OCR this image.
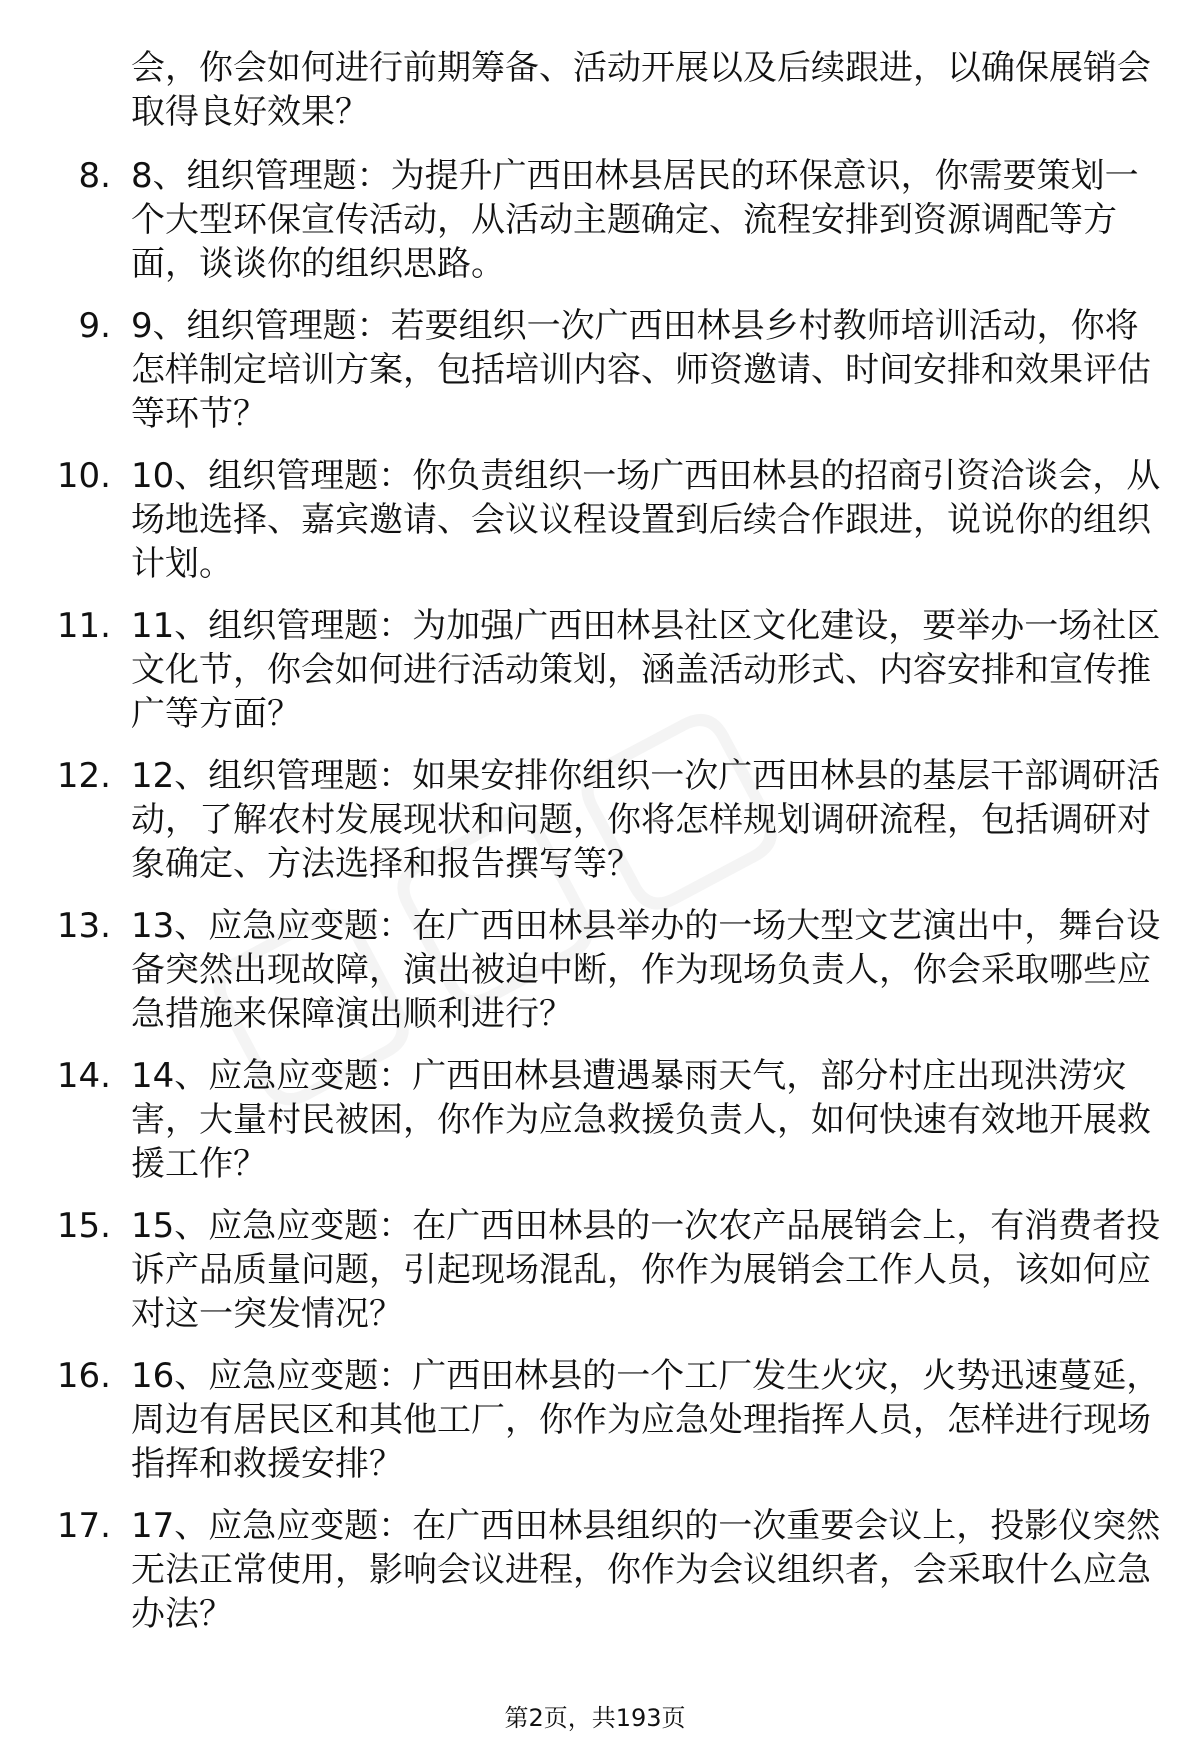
会，你会如何进行前期筹备、活动开展以及后续跟进，以确保展销会取得良好效果？

8. 8、组织管理题：为提升广西田林县居民的环保意识，你需要策划一个大型环保宣传活动，从活动主题确定、流程安排到资源调配等方面，谈谈你的组织思路。
9. 9、组织管理题：若要组织一次广西田林县乡村教师培训活动，你将怎样制定培训方案，包括培训内容、师资邀请、时间安排和效果评估等环节？
10. 10、组织管理题：你负责组织一场广西田林县的招商引资洽谈会，从场地选择、嘉宾邀请、会议议程设置到后续合作跟进，说说你的组织计划。
11. 11、组织管理题：为加强广西田林县社区文化建设，要举办一场社区文化节，你会如何进行活动策划，涵盖活动形式、内容安排和宣传推广等方面？
12. 12、组织管理题：如果安排你组织一次广西田林县的基层干部调研活动，了解农村发展现状和问题，你将怎样规划调研流程，包括调研对象确定、方法选择和报告撰写等？
13. 13、应急应变题：在广西田林县举办的一场大型文艺演出中，舞台设备突然出现故障，演出被迫中断，作为现场负责人，你会采取哪些应急措施来保障演出顺利进行？
14. 14、应急应变题：广西田林县遭遇暴雨天气，部分村庄出现洪涝灾害，大量村民被困，你作为应急救援负责人，如何快速有效地开展救援工作？
15. 15、应急应变题：在广西田林县的一次农产品展销会上，有消费者投诉产品质量问题，引起现场混乱，你作为展销会工作人员，该如何应对这一突发情况？
16. 16、应急应变题：广西田林县的一个工厂发生火灾，火势迅速蔓延，周边有居民区和其他工厂，你作为应急处理指挥人员，怎样进行现场指挥和救援安排？
17. 17、应急应变题：在广西田林县组织的一次重要会议上，投影仪突然无法正常使用，影响会议进程，你作为会议组织者，会采取什么应急办法？
第2页，共193页
